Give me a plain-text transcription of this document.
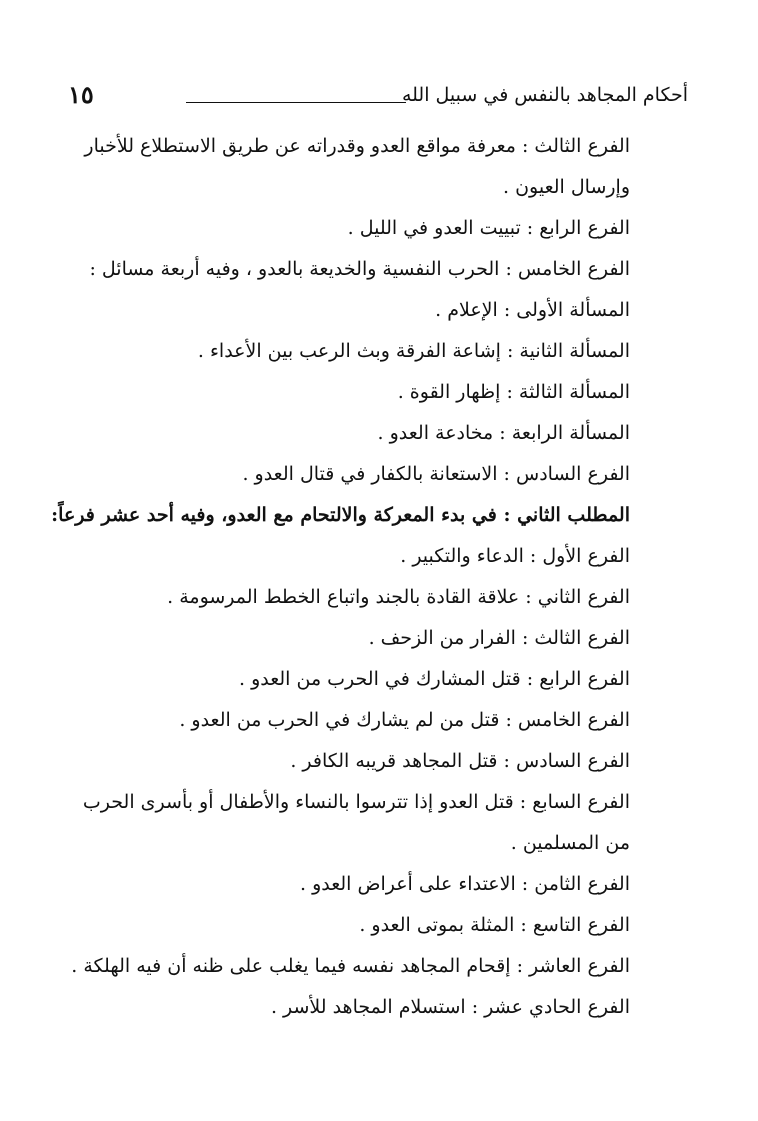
١٥	أحكام المجاهد بالنفس في سبيل الله
الفرع الثالث : معرفة مواقع العدو وقدراته عن طريق الاستطلاع للأخبار
وإرسال العيون .
الفرع الرابع : تبييت العدو في الليل .
الفرع الخامس : الحرب النفسية والخديعة بالعدو ، وفيه أربعة مسائل :
المسألة الأولى : الإعلام .
المسألة الثانية : إشاعة الفرقة وبث الرعب بين الأعداء .
المسألة الثالثة : إظهار القوة .
المسألة الرابعة : مخادعة العدو .
الفرع السادس : الاستعانة بالكفار في قتال العدو .
المطلب الثاني : في بدء المعركة والالتحام مع العدو، وفيه أحد عشر فرعاً:
الفرع الأول : الدعاء والتكبير .
الفرع الثاني : علاقة القادة بالجند واتباع الخطط المرسومة .
الفرع الثالث : الفرار من الزحف .
الفرع الرابع : قتل المشارك في الحرب من العدو .
الفرع الخامس : قتل من لم يشارك في الحرب من العدو .
الفرع السادس : قتل المجاهد قريبه الكافر .
الفرع السابع : قتل العدو إذا تترسوا بالنساء والأطفال أو بأسرى الحرب
من المسلمين .
الفرع الثامن : الاعتداء على أعراض العدو .
الفرع التاسع : المثلة بموتى العدو .
الفرع العاشر : إقحام المجاهد نفسه فيما يغلب على ظنه أن فيه الهلكة .
الفرع الحادي عشر : استسلام المجاهد للأسر .
